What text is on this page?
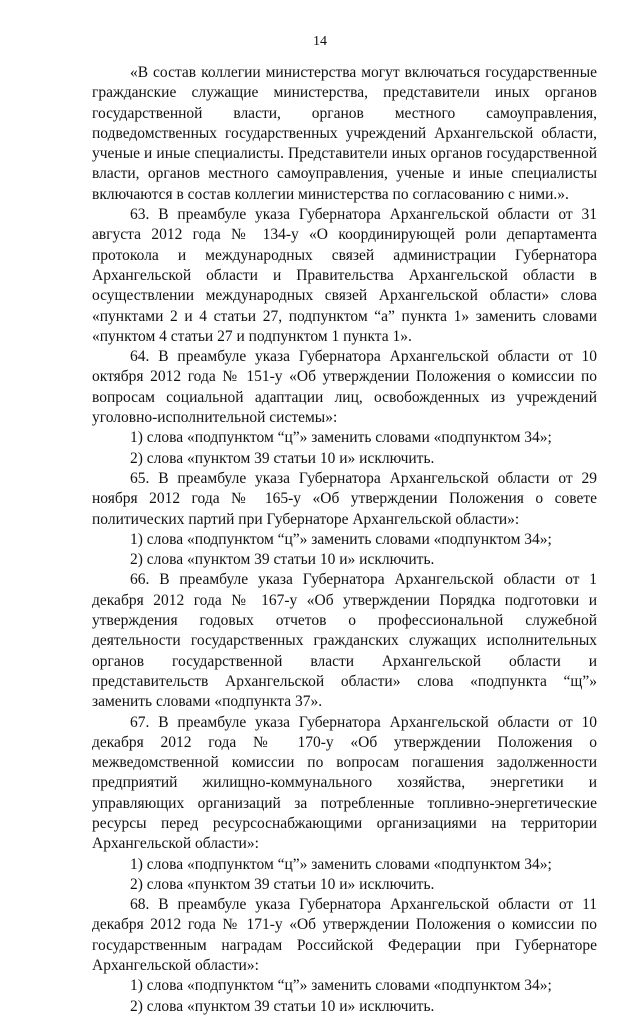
14

«В состав коллегии министерства могут включаться государственные гражданские служащие министерства, представители иных органов государственной власти, органов местного самоуправления, подведомственных государственных учреждений Архангельской области, ученые и иные специалисты. Представители иных органов государственной власти, органов местного самоуправления, ученые и иные специалисты включаются в состав коллегии министерства по согласованию с ними.».

63. В преамбуле указа Губернатора Архангельской области от 31 августа 2012 года № 134-у «О координирующей роли департамента протокола и международных связей администрации Губернатора Архангельской области и Правительства Архангельской области в осуществлении международных связей Архангельской области» слова «пунктами 2 и 4 статьи 27, подпунктом “а” пункта 1» заменить словами «пунктом 4 статьи 27 и подпунктом 1 пункта 1».

64. В преамбуле указа Губернатора Архангельской области от 10 октября 2012 года № 151-у «Об утверждении Положения о комиссии по вопросам социальной адаптации лиц, освобожденных из учреждений уголовно-исполнительной системы»:

1) слова «подпунктом “ц”» заменить словами «подпунктом 34»;

2) слова «пунктом 39 статьи 10 и» исключить.

65. В преамбуле указа Губернатора Архангельской области от 29 ноября 2012 года № 165-у «Об утверждении Положения о совете политических партий при Губернаторе Архангельской области»:

1) слова «подпунктом “ц”» заменить словами «подпунктом 34»;

2) слова «пунктом 39 статьи 10 и» исключить.

66. В преамбуле указа Губернатора Архангельской области от 1 декабря 2012 года № 167-у «Об утверждении Порядка подготовки и утверждения годовых отчетов о профессиональной служебной деятельности государственных гражданских служащих исполнительных органов государственной власти Архангельской области и представительств Архангельской области» слова «подпункта “щ”» заменить словами «подпункта 37».

67. В преамбуле указа Губернатора Архангельской области от 10 декабря 2012 года № 170-у «Об утверждении Положения о межведомственной комиссии по вопросам погашения задолженности предприятий жилищно-коммунального хозяйства, энергетики и управляющих организаций за потребленные топливно-энергетические ресурсы перед ресурсоснабжающими организациями на территории Архангельской области»:

1) слова «подпунктом “ц”» заменить словами «подпунктом 34»;

2) слова «пунктом 39 статьи 10 и» исключить.

68. В преамбуле указа Губернатора Архангельской области от 11 декабря 2012 года № 171-у «Об утверждении Положения о комиссии по государственным наградам Российской Федерации при Губернаторе Архангельской области»:

1) слова «подпунктом “ц”» заменить словами «подпунктом 34»;

2) слова «пунктом 39 статьи 10 и» исключить.
